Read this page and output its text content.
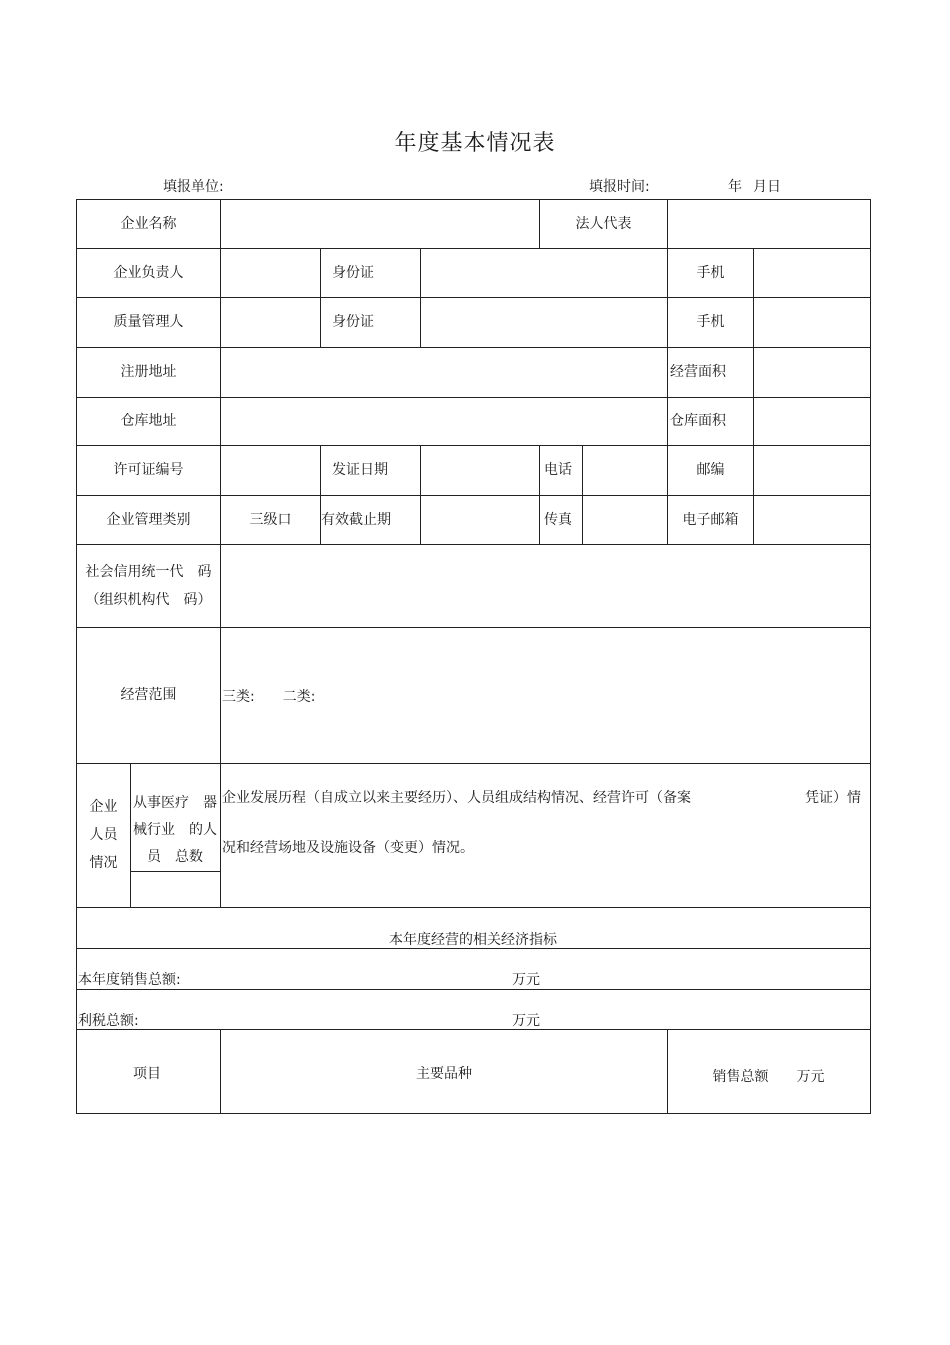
年度基本情况表
填报单位:	填报时间:	年 月日
企业名称	法人代表
企业负责人	身份证	手机
质量管理人	身份证	手机
注册地址	经营面积
仓库地址	仓库面积
许可证编号	发证日期	电话	邮编
企业管理类别	三级口	有效截止期	传真	电子邮箱
社会信用统一代　码
（组织机构代　码）
经营范围	三类:　　二类:
企业
人员
情况
从事医疗　器
械行业　的人
员　总数
企业发展历程（自成立以来主要经历）、人员组成结构情况、经营许可（备案	凭证）情
况和经营场地及设施设备（变更）情况。
本年度经营的相关经济指标
本年度销售总额:	万元
利税总额:	万元
项目	主要品种	销售总额　　万元
